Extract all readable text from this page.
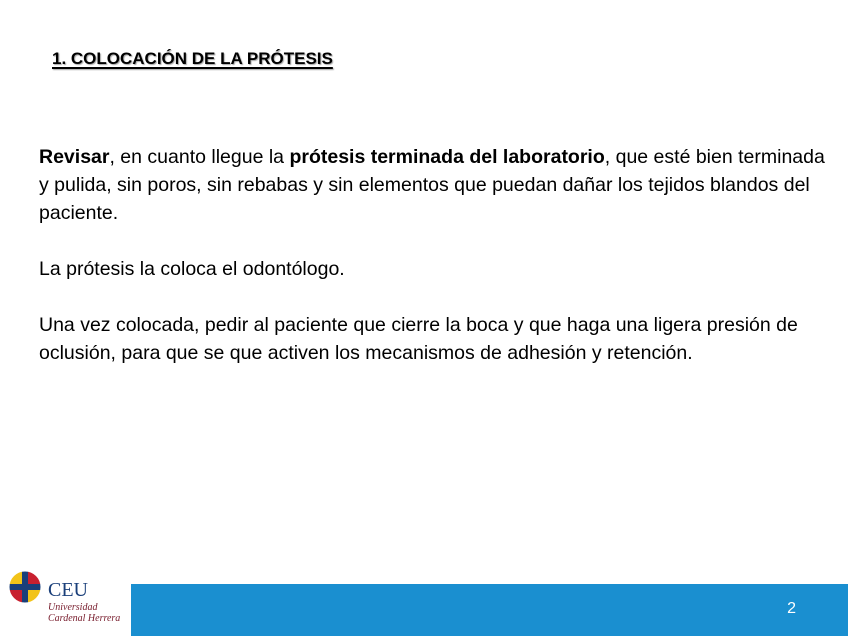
1. COLOCACIÓN DE LA PRÓTESIS

Revisar, en cuanto llegue la prótesis terminada del laboratorio, que esté bien terminada y pulida, sin poros, sin rebabas y sin elementos que puedan dañar los tejidos blandos del paciente.

La prótesis la coloca el odontólogo.

Una vez colocada, pedir al paciente que cierre la boca y que haga una ligera presión de oclusión, para que se que activen los mecanismos de adhesión y retención.

CEU
Universidad
Cardenal Herrera
2
